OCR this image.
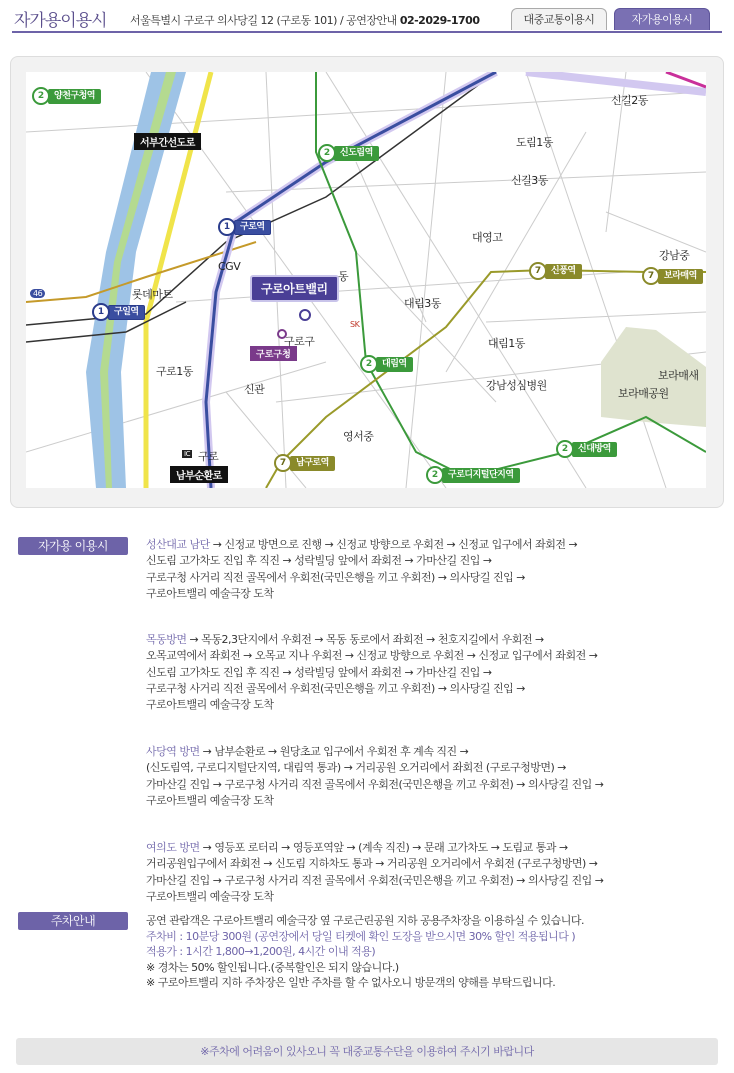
자가용이용시 서울특별시 구로구 의사당길 12 (구로동 101) / 공연장안내 02-2029-1700	대중교통이용시	자가용이용시
서부간선도로
남부순환로
2	양천구청역
2	신도림역
1	구로역
1	구일역
7	신풍역
7	보라매역
2	대림역
7	남구로역
2	구로디지털단지역
2	신대방역
구로아트밸리
구로구청
신길2동
도림1동
신길3동
대영고
강남중
CGV
동
롯데마트
대림3동
구로구
SK
대림1동
구로1동
신관	강남성심병원
보라매새
보라매공원
영서중
구로
IC
46
자가용 이용시	성산대교 남단 → 신정교 방면으로 진행 → 신정교 방향으로 우회전 → 신정교 입구에서 좌회전 →

신도림 고가차도 진입 후 직진 → 성락빌딩 앞에서 좌회전 → 가마산길 진입 →

구로구청 사거리 직전 골목에서 우회전(국민은행을 끼고 우회전) → 의사당길 진입 →

구로아트밸리 예술극장 도착

목동방면 → 목동2,3단지에서 우회전 → 목동 동로에서 좌회전 → 천호지길에서 우회전 →

오목교역에서 좌회전 → 오목교 지나 우회전 → 신정교 방향으로 우회전 → 신정교 입구에서 좌회전 →

신도림 고가차도 진입 후 직진 → 성락빌딩 앞에서 좌회전 → 가마산길 진입 →

구로구청 사거리 직전 골목에서 우회전(국민은행을 끼고 우회전) → 의사당길 진입 →

구로아트밸리 예술극장 도착

사당역 방면 → 남부순환로 → 원당초교 입구에서 우회전 후 계속 직진 →

(신도림역, 구로디지털단지역, 대림역 통과) → 거리공원 오거리에서 좌회전 (구로구청방면) →

가마산길 진입 → 구로구청 사거리 직전 골목에서 우회전(국민은행을 끼고 우회전) → 의사당길 진입 →

구로아트밸리 예술극장 도착

여의도 방면 → 영등포 로터리 → 영등포역앞 → (계속 직진) → 문래 고가차도 → 도림교 통과 →

거리공원입구에서 좌회전 → 신도림 지하차도 통과 → 거리공원 오거리에서 우회전 (구로구청방면) →

가마산길 진입 → 구로구청 사거리 직전 골목에서 우회전(국민은행을 끼고 우회전) → 의사당길 진입 →

구로아트밸리 예술극장 도착

주차안내	공연 관람객은 구로아트밸리 예술극장 옆 구로근린공원 지하 공용주차장을 이용하실 수 있습니다.

주차비 : 10분당 300원 (공연장에서 당일 티켓에 확인 도장을 받으시면 30% 할인 적용됩니다 )

적용가 : 1시간 1,800→1,200원, 4시간 이내 적용)

※ 경차는 50% 할인됩니다.(중복할인은 되지 않습니다.)

※ 구로아트밸리 지하 주차장은 일반 주차를 할 수 없사오니 방문객의 양해를 부탁드립니다.

※주차에 어려움이 있사오니 꼭 대중교통수단을 이용하여 주시기 바랍니다
